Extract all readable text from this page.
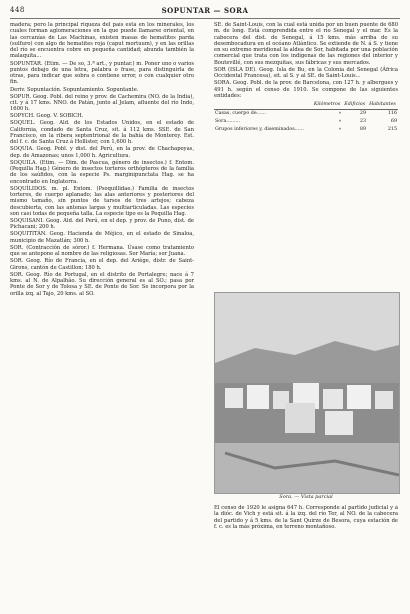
448	SOPUNTAR — SORA

madera; pero la principal riqueza del país está en los minerales, los cuales forman aglomeraciones en la que puede llamarse oriental, en las cercanías de Las Machinas, existen masas de hematites parda (sulfuro) con algo de hematites roja (caput mortuum), y en las orillas del río se encuentra cobre en pequeña cantidad; abunda también la malaquita...

SOPUNTAR. (Etim. — De so, 3.ª art., y puntar.) m. Poner uno o varios puntos debajo de una letra, palabra o frase, para distinguirla de otras, para indicar que sobra o contiene error, o con cualquier otro fin.

Deriv. Sopuntación. Sopuntamiento. Sopuntante.

SOPUR. Geog. Pobl. del reino y prov. de Cachemira (NO. de la India), cit. y á 17 kms. NNO. de Patán, junto al Jelam, afluente del río Indo, 1600 h.

SOPYCH. Geog. V. SOBICH.

SOQUEL. Geog. Ald. de los Estados Unidos, en el estado de California, condado de Santa Cruz, sit. á 112 kms. SSE. de San Francisco, en la ribera septentrional de la bahía de Monterey. Est. del f. c. de Santa Cruz á Hollister, con 1,600 h.

SOQUIA. Geog. Pobl. y dist. del Perú, en la prov. de Chachapoyas, dep. de Amazonas; unos 1,000 h. Agricultura.

SOQUILA. (Etim. — Dim. de Pascua, género de insectos.) f. Entom. (Pequilla Hag.) Género de insectos torteros orthópteros de la familia de los saúfidos, con la especie Ps. marginipunctata Hag. se ha encontrado en Inglaterra.

SOQUÍLIDOS. m. pl. Entom. (Psoquillidae.) Familia de insectos torteros, de cuerpo aplanado; las alas anteriores y posteriores del mismo tamaño, sin puntos de tarsos de tres artejos; cabeza descubierta, con las antenas largas y multiarticuladas. Las especies son casi todas de pequeña talla. La especie tipo es la Pequilla Hag.

SOQUISANI. Geog. Ald. del Perú, en el dep. y prov. de Puno, dist. de Pichacani; 200 h.

SOQUITITÁN. Geog. Hacienda de Méjico, en el estado de Sinaloa, municipio de Mazatlán; 300 h.

SOR. (Contracción de sóror.) f. Hermana. Úsase como tratamiento que se antepone al nombre de las religiosas. Sor María; sor Juana.

SOR. Geog. Río de Francia, en el dep. del Ariège, distr. de Saint-Girons, cantón de Castillon; 180 h.

SOR. Geog. Río de Portugal, en el distrito de Portalegre; nace á 7 kms. al N. de Alpalhão. Su dirección general es al SO.; pasa por Ponte de Sor y de Tolosa y SE. de Ponte de Sor. Se incorpora por la orilla izq. al Tajo, 20 kms. al SO.

SE. de Saint-Louis, con la cual está unida por un buen puente de 680 m. de long. Está comprendida entre el río Senegal y el mar. Es la cabecera del dist. de Senegal, á 15 kms. más arriba de su desembocadura en el océano Atlántico. Se extiende de N. á S. y tiene en su extremo meridional la aldea de Sor, habitada por una población comercial que trata con los indígenas de las regiones del interior y Boutevillé, con sus mezquitas, sus fábricas y sus mercados.

SOR (ISLA DE). Geog. Isla de Bu, en la Colonia del Senegal (África Occidental Francesa), sit. al S. y al SE. de Saint-Louis...

SORA. Geog. Pobl. de la prov. de Barcelona, con 127 h. y albergues y 491 h. según el censo de 1910. Se compone de las siguientes entidades:

	Kilómetros	Edificios	Habitantes
Casas, cuerpo de......	»	29	116
Sora.........	»	23	69
Grupos inferiores y, diseminados......	»	89	215
Sora. — Vista parcial

El censo de 1920 le asigna 647 h. Corresponde al partido judicial y á la dióc. de Vich y está sit. á la izq. del río Ter, al NO. de la cabecera del partido y á 5 kms. de la Sant Quirze de Besora, cuya estación de f. c. es la más próxima, en terreno montañoso.
